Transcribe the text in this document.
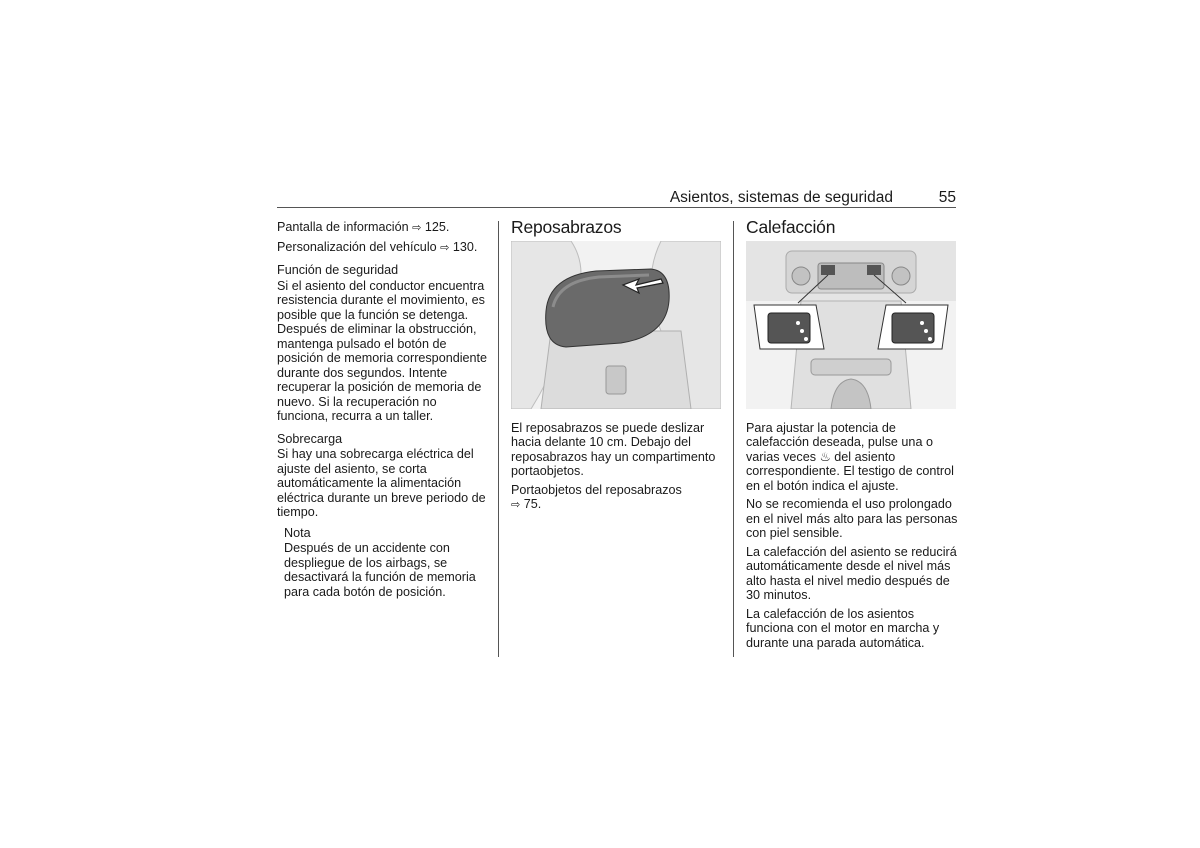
Asientos, sistemas de seguridad	55

Pantalla de información ⇨ 125.

Personalización del vehículo ⇨ 130.

Función de seguridad

Si el asiento del conductor encuentra resistencia durante el movimiento, es posible que la función se detenga. Después de eliminar la obstrucción, mantenga pulsado el botón de posición de memoria correspondiente durante dos segundos. Intente recuperar la posición de memoria de nuevo. Si la recuperación no funciona, recurra a un taller.

Sobrecarga

Si hay una sobrecarga eléctrica del ajuste del asiento, se corta automáticamente la alimentación eléctrica durante un breve periodo de tiempo.

Nota

Después de un accidente con despliegue de los airbags, se desactivará la función de memoria para cada botón de posición.

Reposabrazos

El reposabrazos se puede deslizar hacia delante 10 cm. Debajo del reposabrazos hay un compartimento portaobjetos.

Portaobjetos del reposabrazos
⇨ 75.

Calefacción

Para ajustar la potencia de calefacción deseada, pulse una o varias veces ♨ del asiento correspondiente. El testigo de control en el botón indica el ajuste.

No se recomienda el uso prolongado en el nivel más alto para las personas con piel sensible.

La calefacción del asiento se reducirá automáticamente desde el nivel más alto hasta el nivel medio después de 30 minutos.

La calefacción de los asientos funciona con el motor en marcha y durante una parada automática.
